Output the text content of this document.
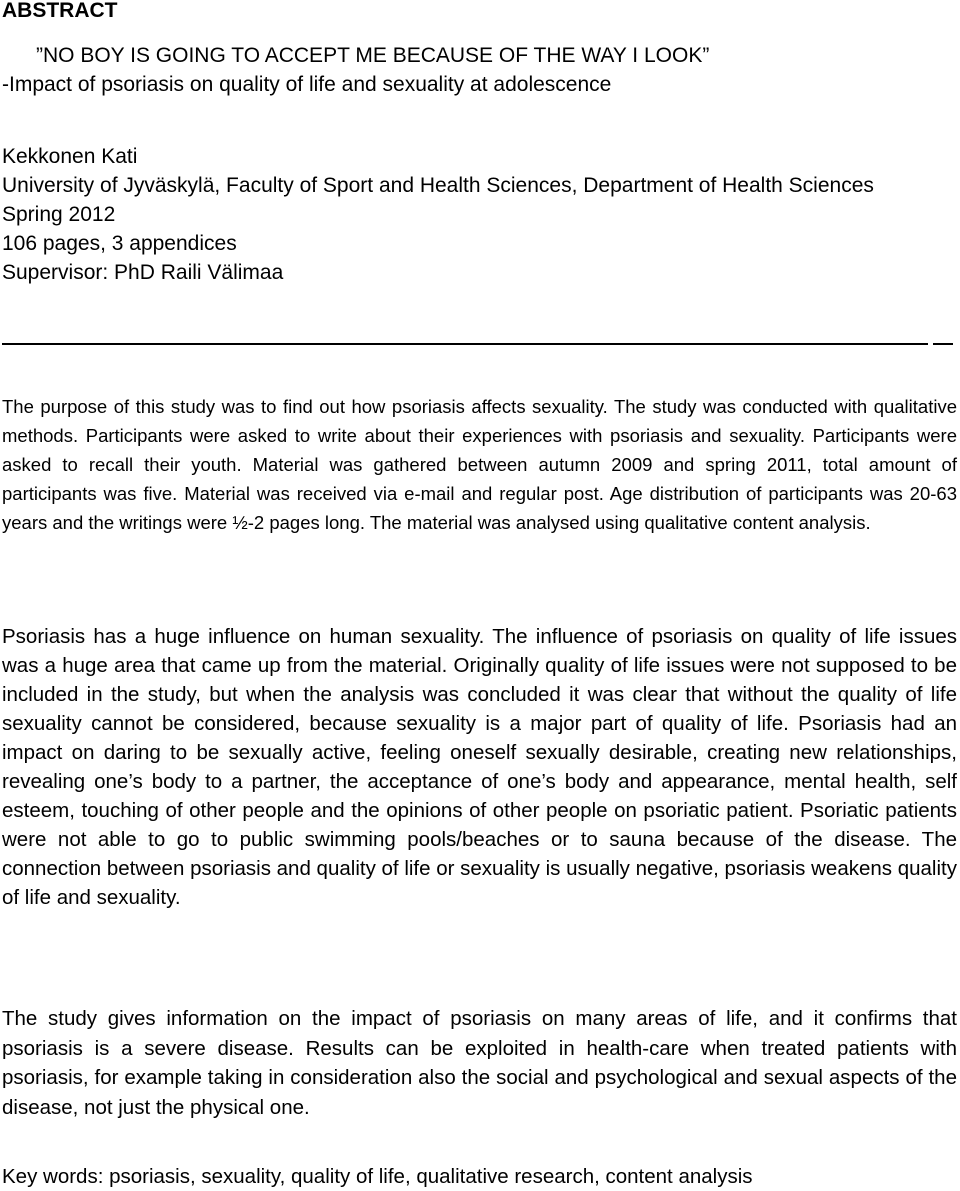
ABSTRACT
”NO BOY IS GOING TO ACCEPT ME BECAUSE OF THE WAY I LOOK”
-Impact of psoriasis on quality of life and sexuality at adolescence
Kekkonen Kati
University of Jyväskylä, Faculty of Sport and Health Sciences, Department of Health Sciences
Spring 2012
106 pages, 3 appendices
Supervisor: PhD Raili Välimaa

The purpose of this study was to find out how psoriasis affects sexuality. The study was conducted with qualitative methods. Participants were asked to write about their experiences with psoriasis and sexuality. Participants were asked to recall their youth. Material was gathered between autumn 2009 and spring 2011, total amount of participants was five. Material was received via e-mail and regular post. Age distribution of participants was 20-63 years and the writings were ½-2 pages long. The material was analysed using qualitative content analysis.

Psoriasis has a huge influence on human sexuality. The influence of psoriasis on quality of life issues was a huge area that came up from the material. Originally quality of life issues were not supposed to be included in the study, but when the analysis was concluded it was clear that without the quality of life sexuality cannot be considered, because sexuality is a major part of quality of life. Psoriasis had an impact on daring to be sexually active, feeling oneself sexually desirable, creating new relationships, revealing one’s body to a partner, the acceptance of one’s body and appearance, mental health, self esteem, touching of other people and the opinions of other people on psoriatic patient. Psoriatic patients were not able to go to public swimming pools/beaches or to sauna because of the disease. The connection between psoriasis and quality of life or sexuality is usually negative, psoriasis weakens quality of life and sexuality.

The study gives information on the impact of psoriasis on many areas of life, and it confirms that psoriasis is a severe disease. Results can be exploited in health-care when treated patients with psoriasis, for example taking in consideration also the social and psychological and sexual aspects of the disease, not just the physical one.

Key words: psoriasis, sexuality, quality of life, qualitative research, content analysis
